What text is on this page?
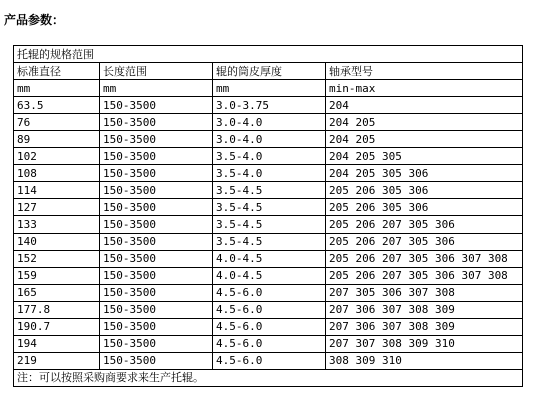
产品参数：
托辊的规格范围			
标准直径	长度范围	辊的筒皮厚度	轴承型号
mm	mm	mm	min-max
63.5	150-3500	3.0-3.75	204
76	150-3500	3.0-4.0	204 205
89	150-3500	3.0-4.0	204 205
102	150-3500	3.5-4.0	204 205 305
108	150-3500	3.5-4.0	204 205 305 306
114	150-3500	3.5-4.5	205 206 305 306
127	150-3500	3.5-4.5	205 206 305 306
133	150-3500	3.5-4.5	205 206 207 305 306
140	150-3500	3.5-4.5	205 206 207 305 306
152	150-3500	4.0-4.5	205 206 207 305 306 307 308
159	150-3500	4.0-4.5	205 206 207 305 306 307 308
165	150-3500	4.5-6.0	207 305 306 307 308
177.8	150-3500	4.5-6.0	207 306 307 308 309
190.7	150-3500	4.5-6.0	207 306 307 308 309
194	150-3500	4.5-6.0	207 307 308 309 310
219	150-3500	4.5-6.0	308 309 310
注：可以按照采购商要求来生产托辊。			
